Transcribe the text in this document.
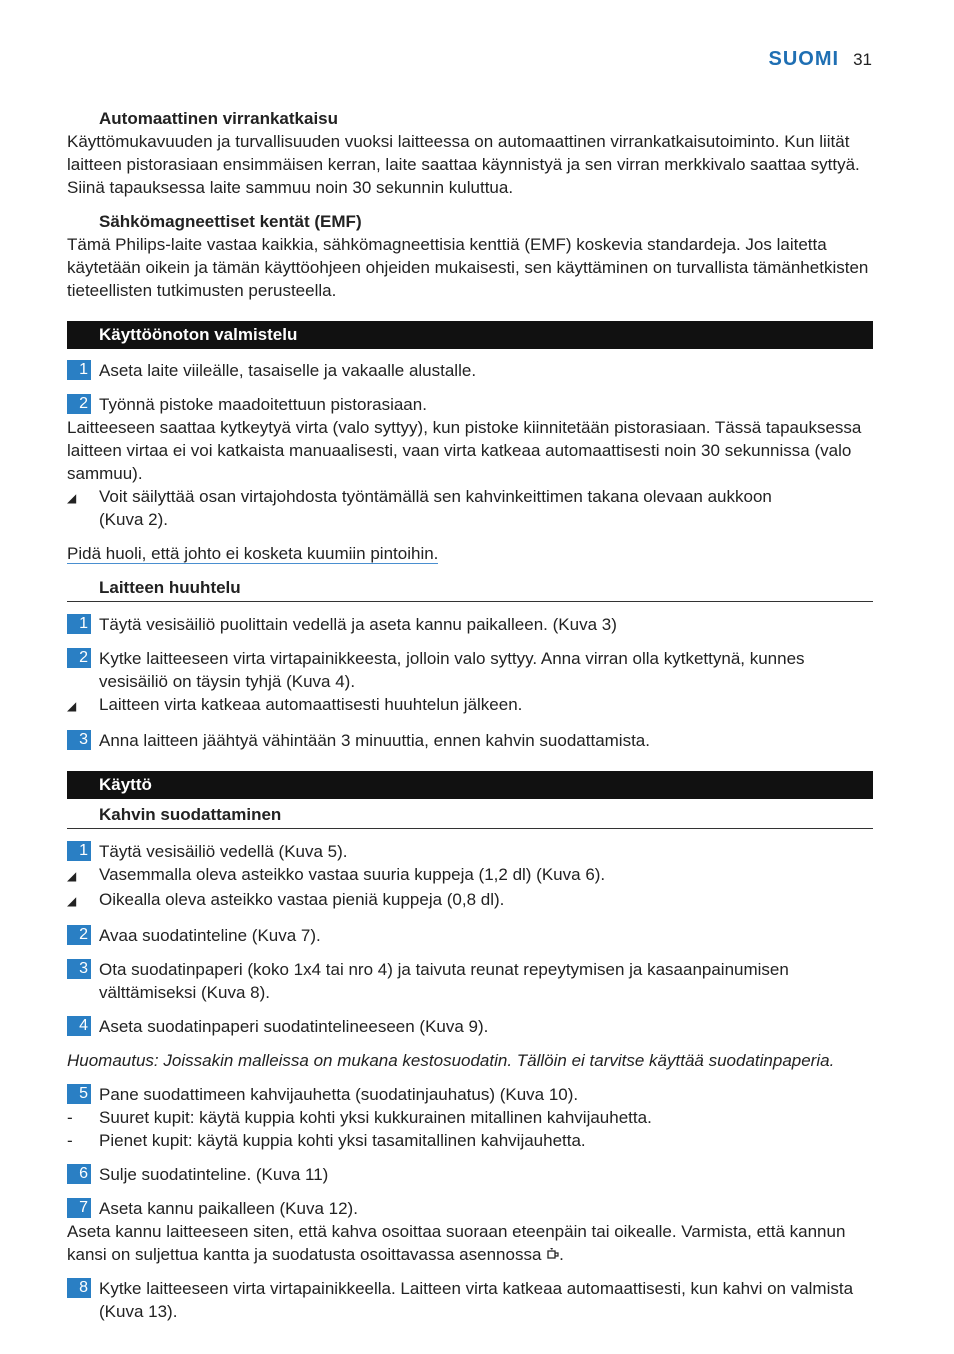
SUOMI 31

Automaattinen virrankatkaisu

Käyttömukavuuden ja turvallisuuden vuoksi laitteessa on automaattinen virrankatkaisutoiminto. Kun liität laitteen pistorasiaan ensimmäisen kerran, laite saattaa käynnistyä ja sen virran merkkivalo saattaa syttyä. Siinä tapauksessa laite sammuu noin 30 sekunnin kuluttua.

Sähkömagneettiset kentät (EMF)

Tämä Philips-laite vastaa kaikkia, sähkömagneettisia kenttiä (EMF) koskevia standardeja. Jos laitetta käytetään oikein ja tämän käyttöohjeen ohjeiden mukaisesti, sen käyttäminen on turvallista tämänhetkisten tieteellisten tutkimusten perusteella.

Käyttöönoton valmistelu
1 Aseta laite viileälle, tasaiselle ja vakaalle alustalle.
2 Työnnä pistoke maadoitettuun pistorasiaan.

Laitteeseen saattaa kytkeytyä virta (valo syttyy), kun pistoke kiinnitetään pistorasiaan. Tässä tapauksessa laitteen virtaa ei voi katkaista manuaalisesti, vaan virta katkeaa automaattisesti noin 30 sekunnissa (valo sammuu).

◢	Voit säilyttää osan virtajohdosta työntämällä sen kahvinkeittimen takana olevaan aukkoon (Kuva 2).

Pidä huoli, että johto ei kosketa kuumiin pintoihin.

Laitteen huuhtelu

1 Täytä vesisäiliö puolittain vedellä ja aseta kannu paikalleen. (Kuva 3)
2 Kytke laitteeseen virta virtapainikkeesta, jolloin valo syttyy. Anna virran olla kytkettynä, kunnes vesisäiliö on täysin tyhjä (Kuva 4).
◢	Laitteen virta katkeaa automaattisesti huuhtelun jälkeen.
3 Anna laitteen jäähtyä vähintään 3 minuuttia, ennen kahvin suodattamista.
Käyttö

Kahvin suodattaminen

1 Täytä vesisäiliö vedellä (Kuva 5).
◢	Vasemmalla oleva asteikko vastaa suuria kuppeja (1,2 dl) (Kuva 6).
◢	Oikealla oleva asteikko vastaa pieniä kuppeja (0,8 dl).
2 Avaa suodatinteline (Kuva 7).
3 Ota suodatinpaperi (koko 1x4 tai nro 4) ja taivuta reunat repeytymisen ja kasaanpainumisen välttämiseksi (Kuva 8).
4 Aseta suodatinpaperi suodatintelineeseen (Kuva 9).

Huomautus: Joissakin malleissa on mukana kestosuodatin. Tällöin ei tarvitse käyttää suodatinpaperia.

5 Pane suodattimeen kahvijauhetta (suodatinjauhatus) (Kuva 10).
-	Suuret kupit: käytä kuppia kohti yksi kukkurainen mitallinen kahvijauhetta.
-	Pienet kupit: käytä kuppia kohti yksi tasamitallinen kahvijauhetta.
6 Sulje suodatinteline. (Kuva 11)
7 Aseta kannu paikalleen (Kuva 12).

Aseta kannu laitteeseen siten, että kahva osoittaa suoraan eteenpäin tai oikealle. Varmista, että kannun kansi on suljettua kantta ja suodatusta osoittavassa asennossa .

8 Kytke laitteeseen virta virtapainikkeella. Laitteen virta katkeaa automaattisesti, kun kahvi on valmista (Kuva 13).
